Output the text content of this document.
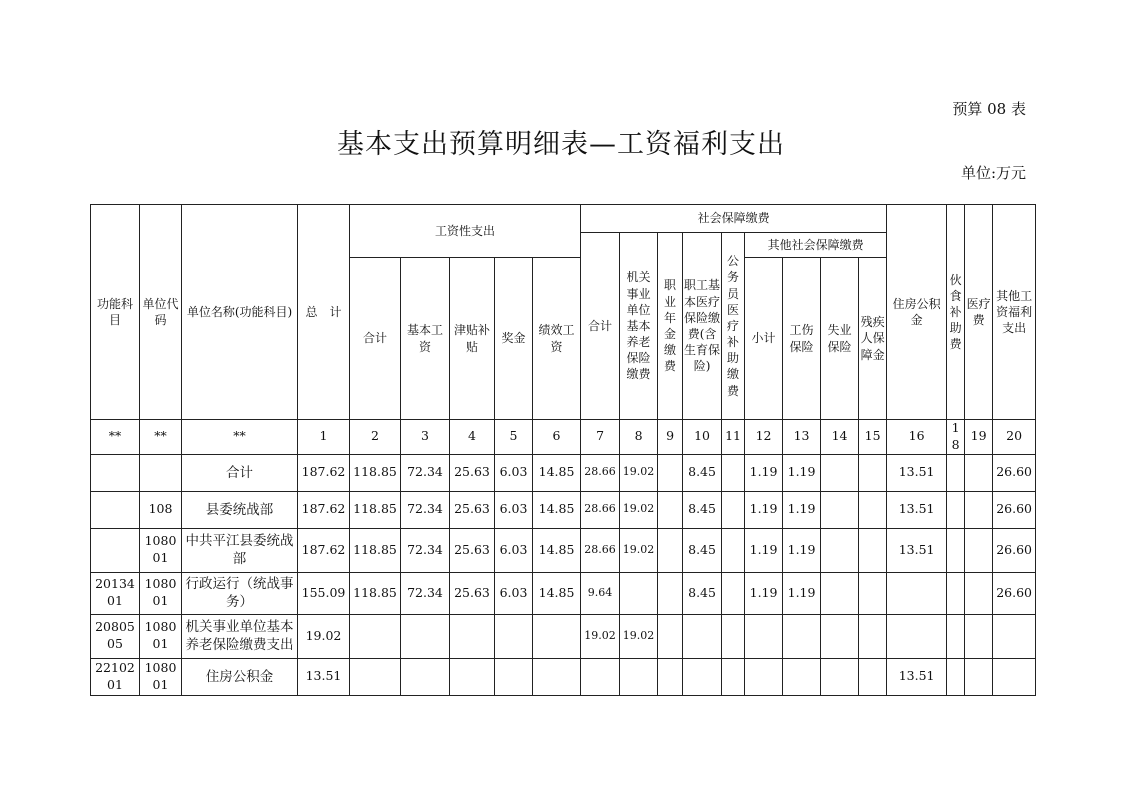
预算 08 表
基本支出预算明细表—工资福利支出
单位:万元
功能科目	单位代码	单位名称(功能科目)	总　计	工资性支出					社会保障缴费									住房公积金	伙食补助费	医疗费	其他工资福利支出
									合计	机关事业单位基本养老保险缴费	职业年金缴费	职工基本医疗保险缴费(含生育保险)	公务员医疗补助缴费	其他社会保障缴费							
				合计	基本工资	津贴补贴	奖金	绩效工资						小计	工伤保险	失业保险	残疾人保障金				

**	**	**	1	2	3	4	5	6	7	8	9	10	11	12	13	14	15	16	18	19	20
		合计	187.62	118.85	72.34	25.63	6.03	14.85	28.66	19.02		8.45		1.19	1.19			13.51			26.60
	108	县委统战部	187.62	118.85	72.34	25.63	6.03	14.85	28.66	19.02		8.45		1.19	1.19			13.51			26.60
	108001	中共平江县委统战部	187.62	118.85	72.34	25.63	6.03	14.85	28.66	19.02		8.45		1.19	1.19			13.51			26.60
2013401	108001	行政运行（统战事务）	155.09	118.85	72.34	25.63	6.03	14.85	9.64			8.45		1.19	1.19						26.60
2080505	108001	机关事业单位基本养老保险缴费支出	19.02						19.02	19.02											
2210201	108001	住房公积金	13.51															13.51			
